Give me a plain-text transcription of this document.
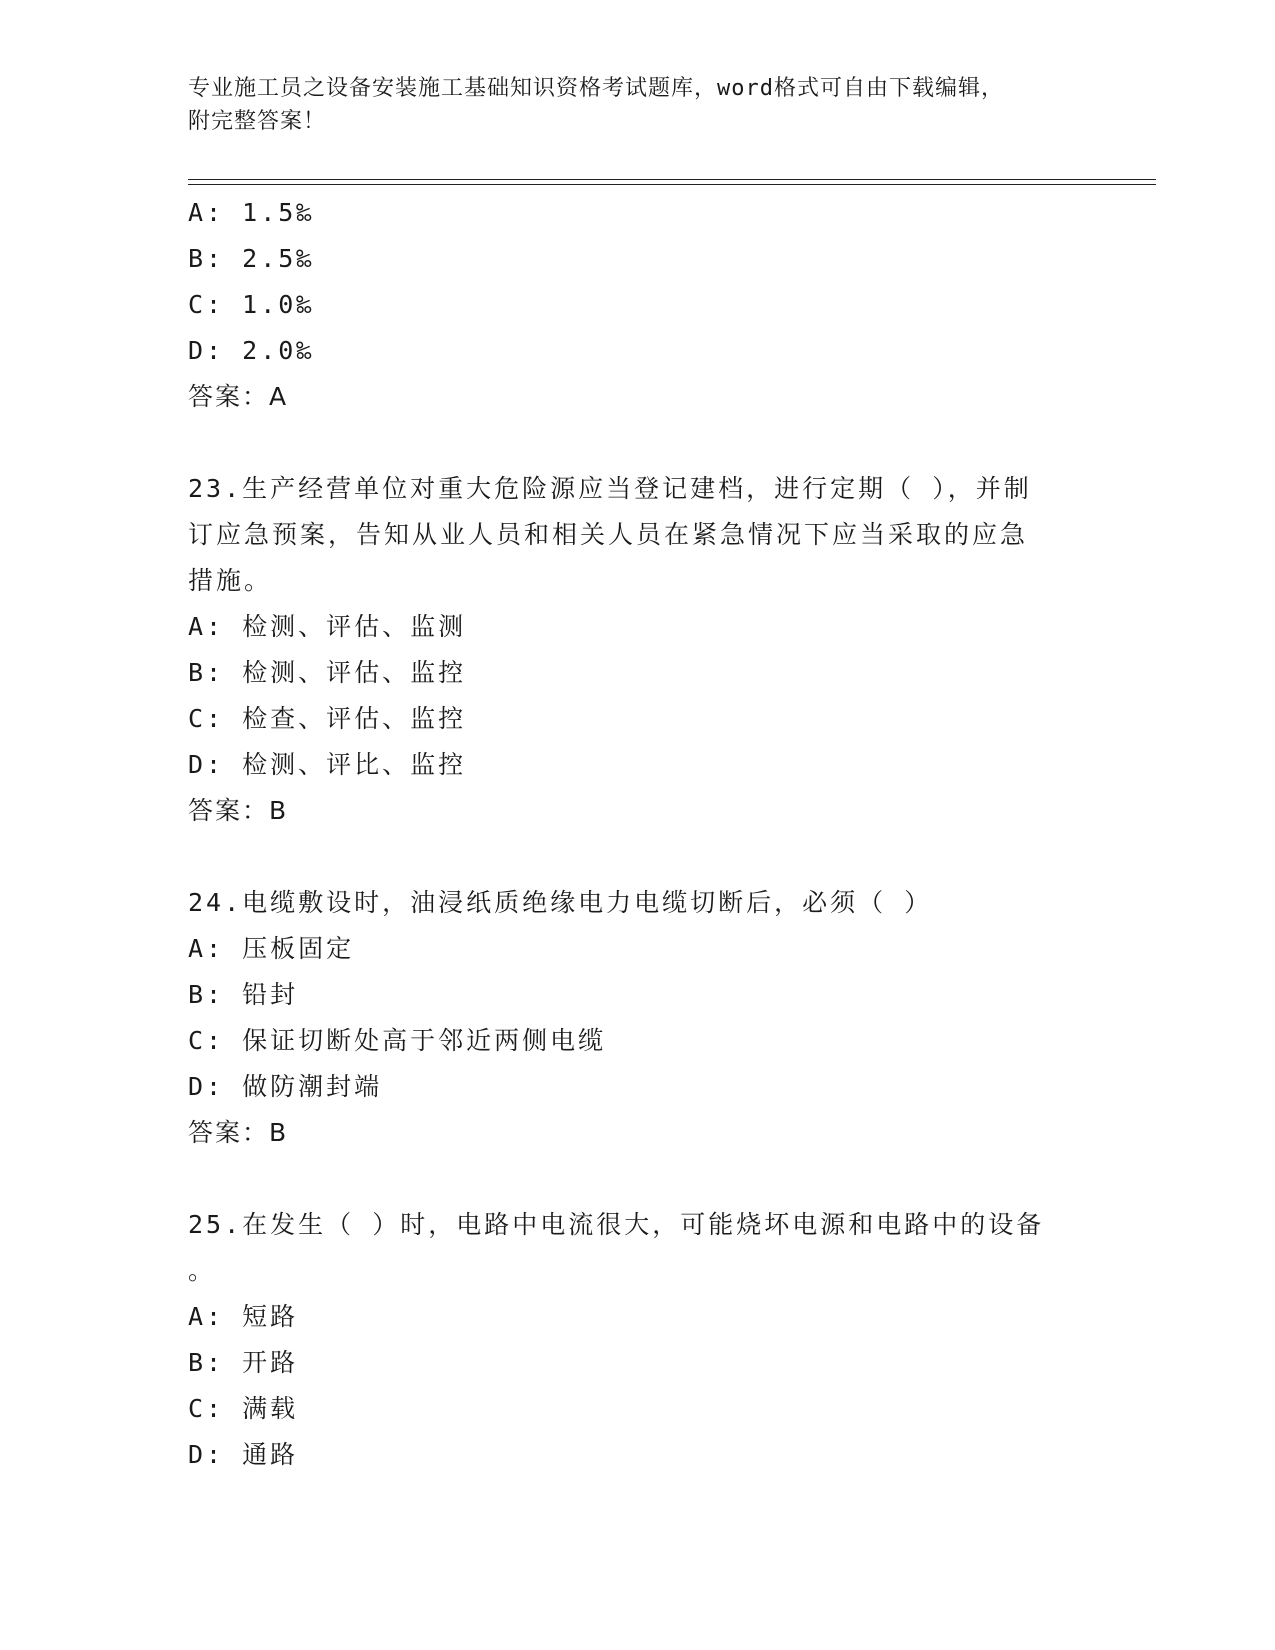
专业施工员之设备安装施工基础知识资格考试题库，word格式可自由下载编辑，
附完整答案！
A: 1.5‰
B: 2.5‰
C: 1.0‰
D: 2.0‰
答案：A
23.生产经营单位对重大危险源应当登记建档，进行定期（ ），并制
订应急预案，告知从业人员和相关人员在紧急情况下应当采取的应急
措施。
A: 检测、评估、监测
B: 检测、评估、监控
C: 检查、评估、监控
D: 检测、评比、监控
答案：B
24.电缆敷设时，油浸纸质绝缘电力电缆切断后，必须（ ）
A: 压板固定
B: 铅封
C: 保证切断处高于邻近两侧电缆
D: 做防潮封端
答案：B
25.在发生（ ）时，电路中电流很大，可能烧坏电源和电路中的设备
。
A: 短路
B: 开路
C: 满载
D: 通路
